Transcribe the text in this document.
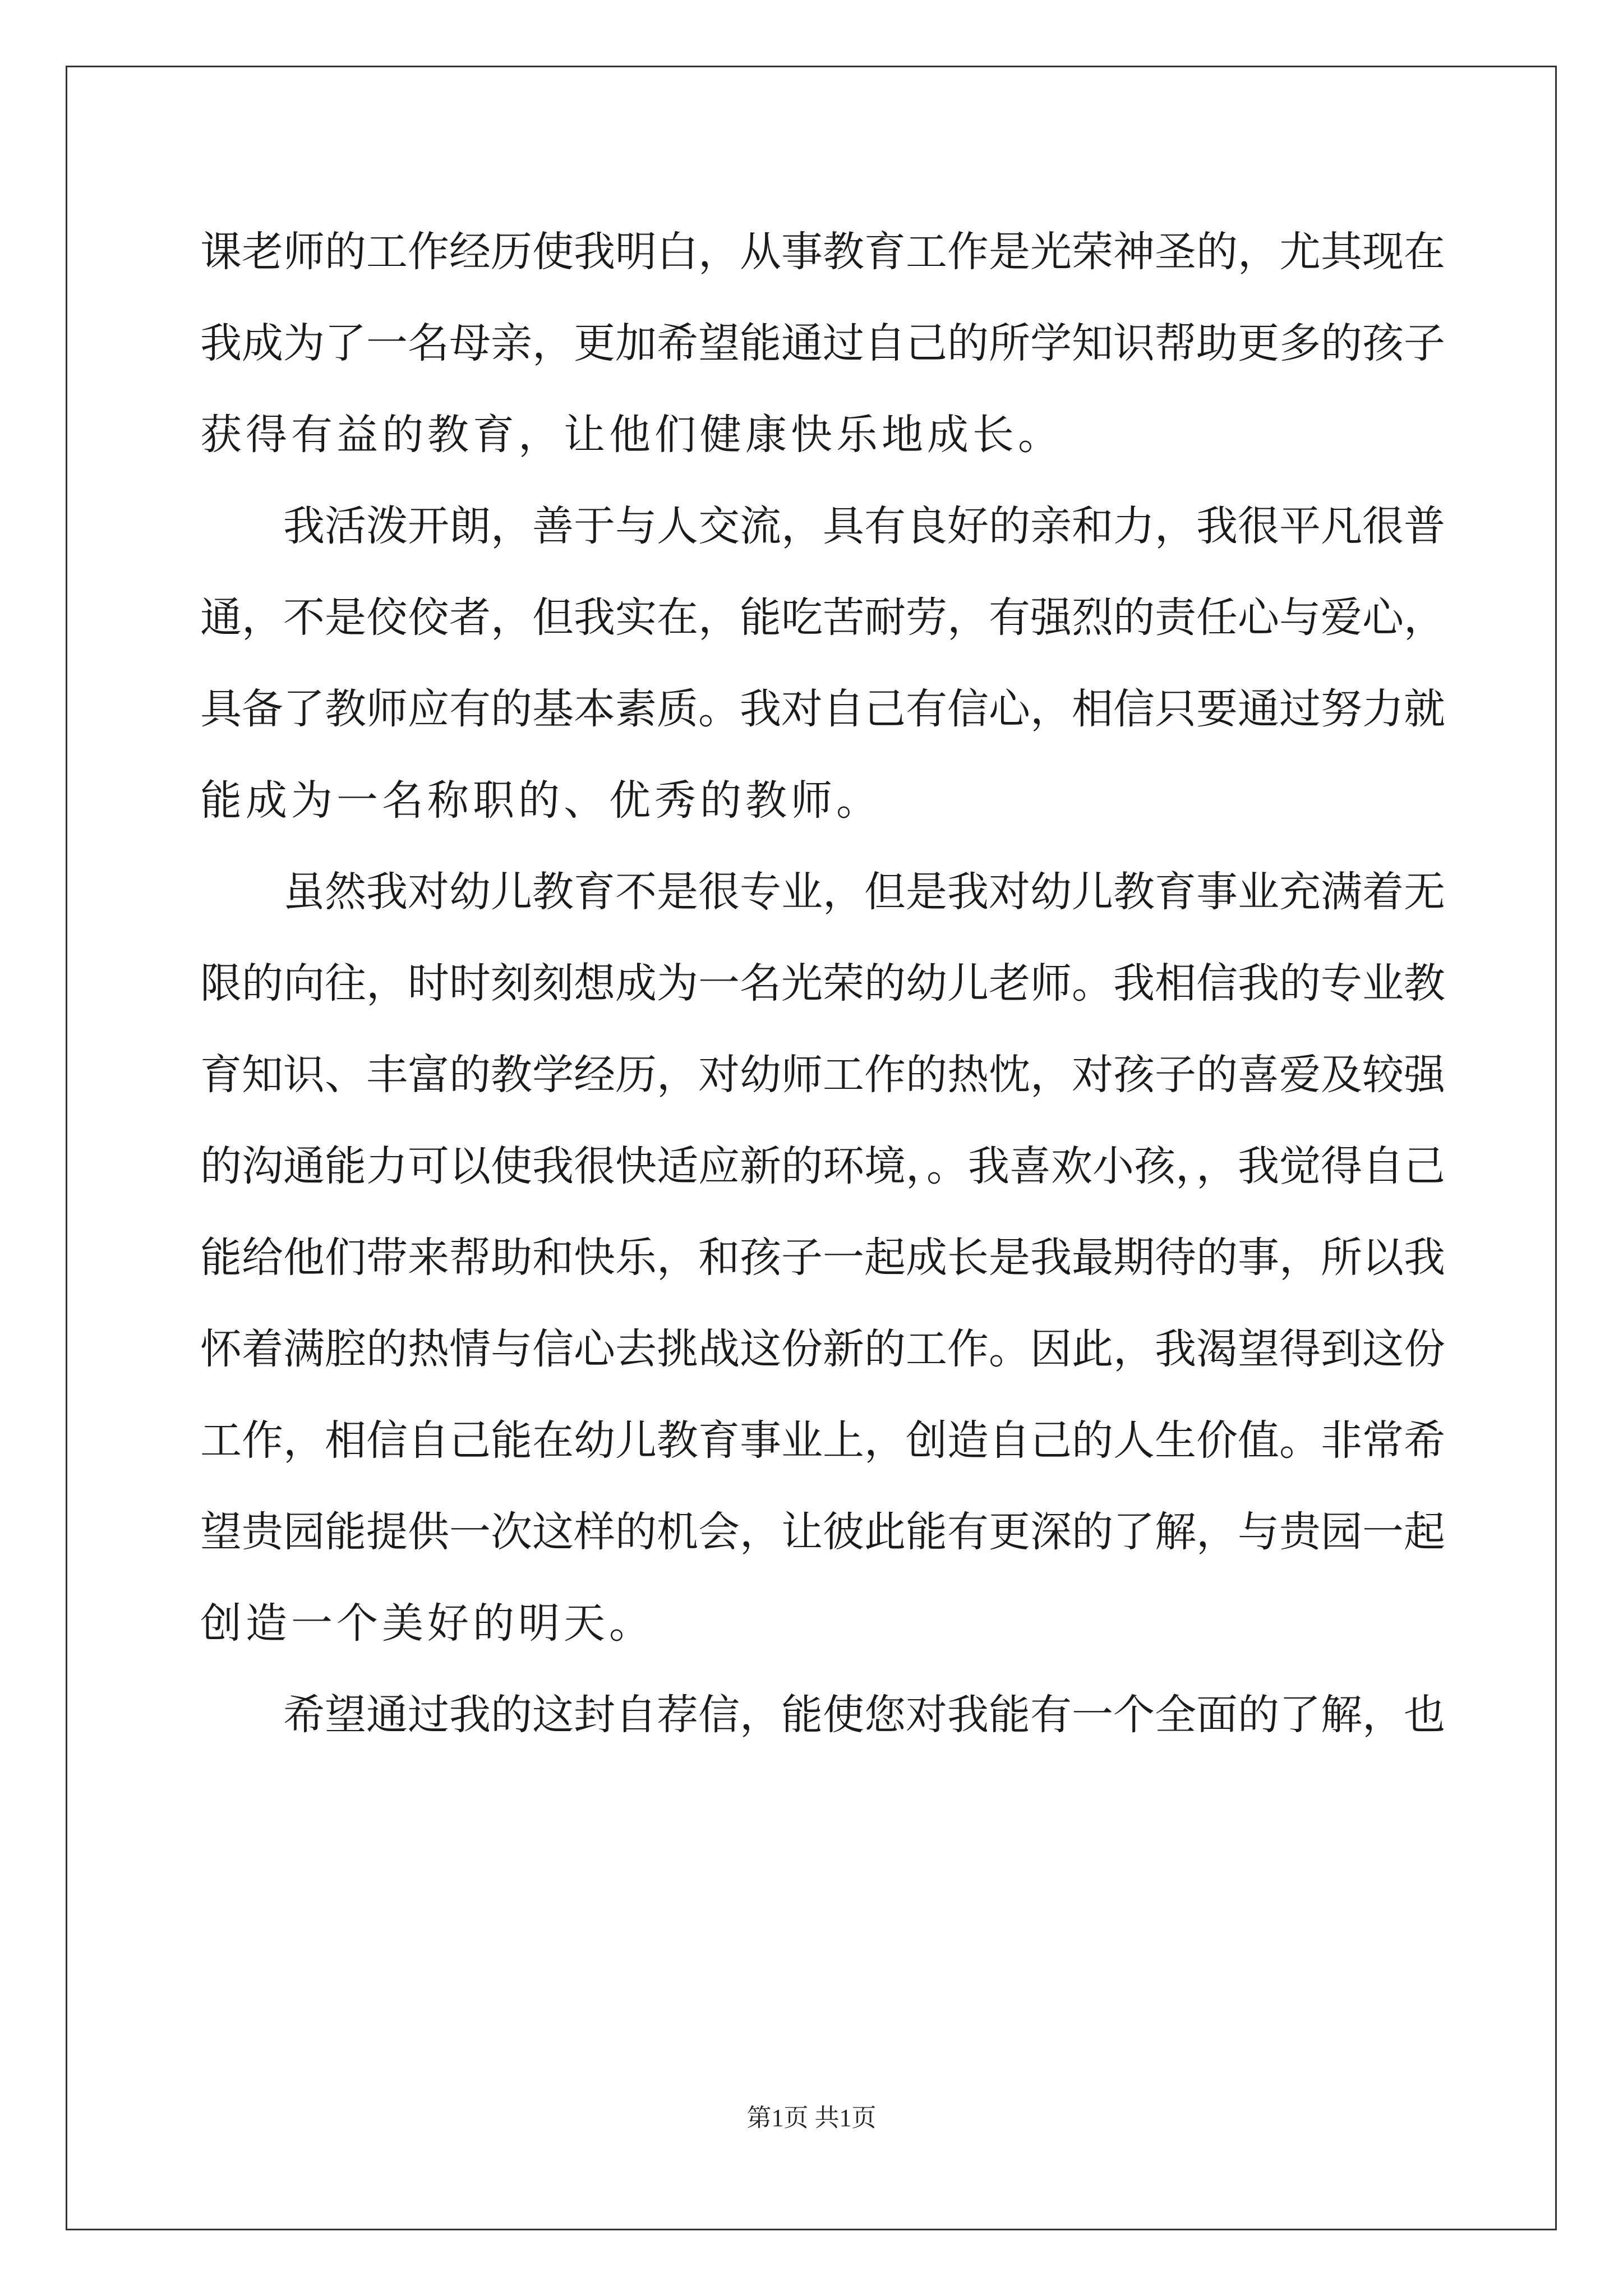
课老师的工作经历使我明白，从事教育工作是光荣神圣的，尤其现在
我成为了一名母亲，更加希望能通过自己的所学知识帮助更多的孩子
获得有益的教育，让他们健康快乐地成长。
我活泼开朗，善于与人交流，具有良好的亲和力，我很平凡很普
通，不是佼佼者，但我实在，能吃苦耐劳，有强烈的责任心与爱心，
具备了教师应有的基本素质。我对自己有信心，相信只要通过努力就
能成为一名称职的、优秀的教师。
虽然我对幼儿教育不是很专业，但是我对幼儿教育事业充满着无
限的向往，时时刻刻想成为一名光荣的幼儿老师。我相信我的专业教
育知识、丰富的教学经历，对幼师工作的热忱，对孩子的喜爱及较强
的沟通能力可以使我很快适应新的环境，。我喜欢小孩，，我觉得自己
能给他们带来帮助和快乐，和孩子一起成长是我最期待的事，所以我
怀着满腔的热情与信心去挑战这份新的工作。因此，我渴望得到这份
工作，相信自己能在幼儿教育事业上，创造自己的人生价值。非常希
望贵园能提供一次这样的机会，让彼此能有更深的了解，与贵园一起
创造一个美好的明天。
希望通过我的这封自荐信，能使您对我能有一个全面的了解，也
第1页 共1页
